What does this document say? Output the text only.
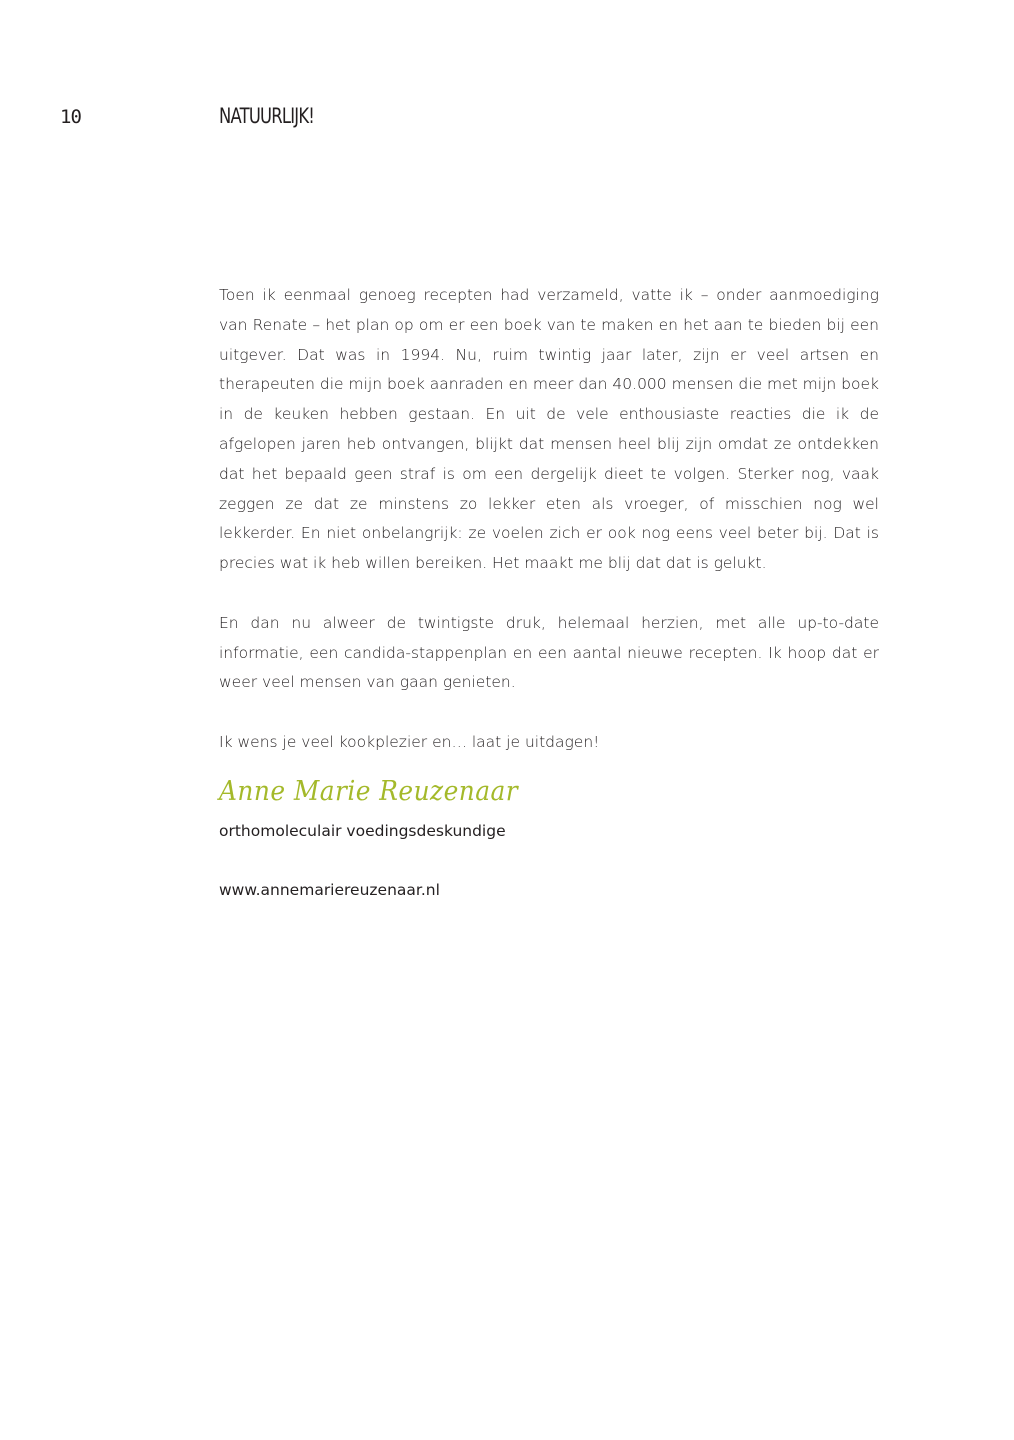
10	NATUURLIJK!

Toen ik eenmaal genoeg recepten had verzameld, vatte ik – onder aanmoediging van Renate – het plan op om er een boek van te maken en het aan te bieden bij een uitgever. Dat was in 1994. Nu, ruim twintig jaar later, zijn er veel artsen en therapeuten die mijn boek aanraden en meer dan 40.000 mensen die met mijn boek in de keuken hebben gestaan. En uit de vele enthousiaste reacties die ik de afgelopen jaren heb ontvangen, blijkt dat mensen heel blij zijn omdat ze ontdekken dat het bepaald geen straf is om een dergelijk dieet te volgen. Sterker nog, vaak zeggen ze dat ze minstens zo lekker eten als vroeger, of misschien nog wel lekkerder. En niet onbelangrijk: ze voelen zich er ook nog eens veel beter bij. Dat is precies wat ik heb willen bereiken. Het maakt me blij dat dat is gelukt.

En dan nu alweer de twintigste druk, helemaal herzien, met alle up-to-date informatie, een candida-stappenplan en een aantal nieuwe recepten. Ik hoop dat er weer veel mensen van gaan genieten.

Ik wens je veel kookplezier en… laat je uitdagen!

Anne Marie Reuzenaar
orthomoleculair voedingsdeskundige
www.annemariereuzenaar.nl
